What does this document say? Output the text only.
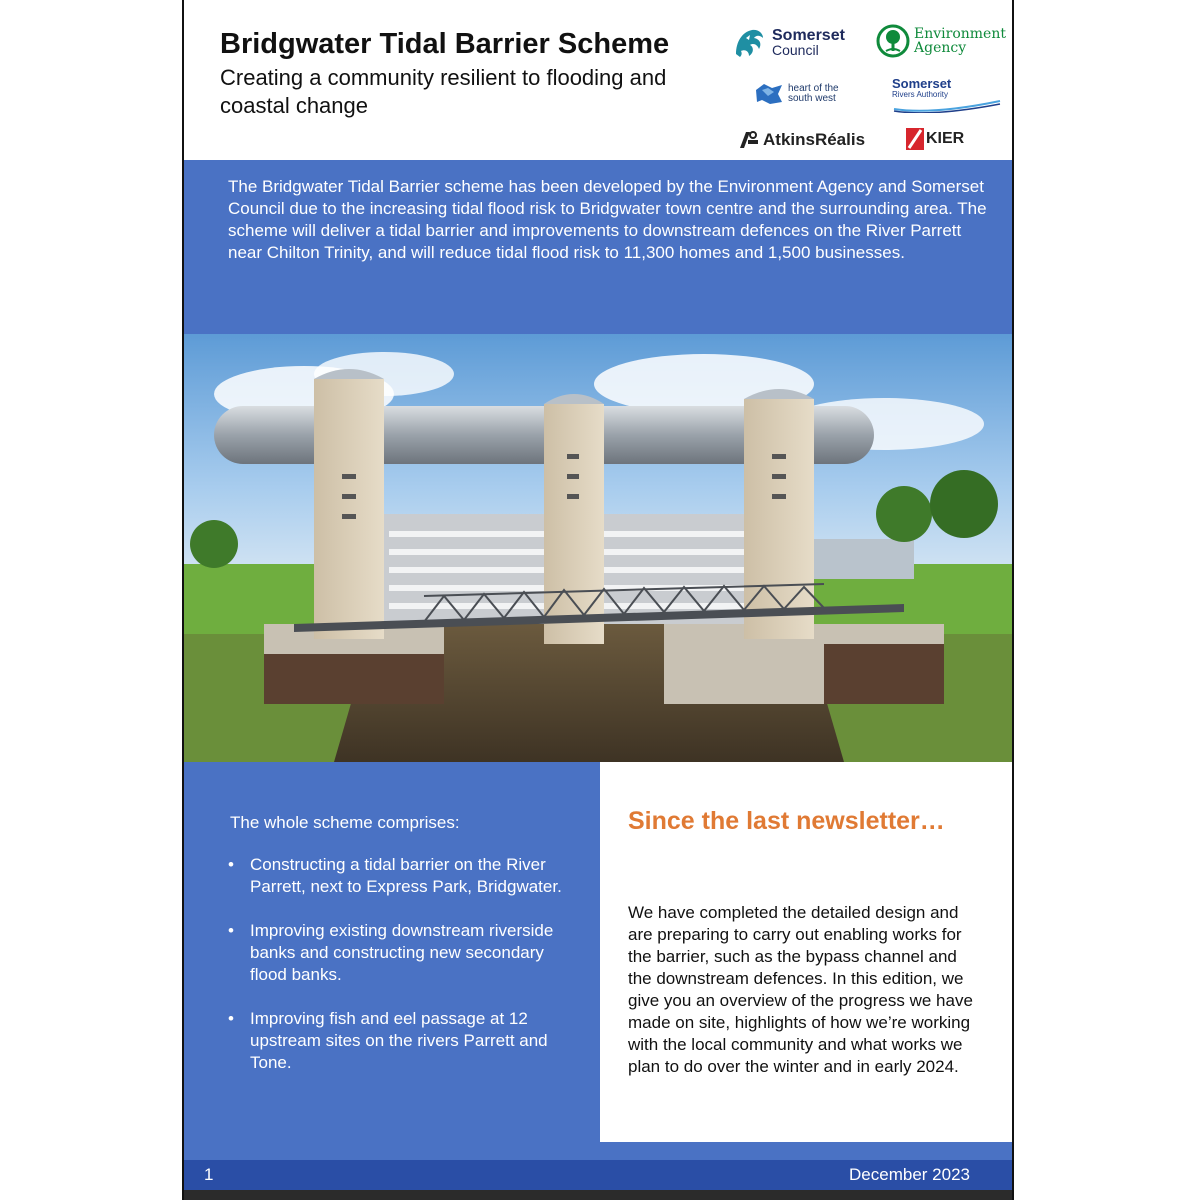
Bridgwater Tidal Barrier Scheme

Creating a community resilient to flooding and coastal change

Somerset
Council
Environment
Agency
heart of the
south west
Somerset
Rivers Authority
AtkinsRéalis	KIER

The Bridgwater Tidal Barrier scheme has been developed by the Environment Agency and Somerset Council due to the increasing tidal flood risk to Bridgwater town centre and the surrounding area. The scheme will deliver a tidal barrier and improvements to downstream defences on the River Parrett near Chilton Trinity, and will reduce tidal flood risk to 11,300 homes and 1,500 businesses.

The whole scheme comprises:

• Constructing a tidal barrier on the River Parrett, next to Express Park, Bridgwater.
• Improving existing downstream riverside banks and constructing new secondary flood banks.
• Improving fish and eel passage at 12 upstream sites on the rivers Parrett and Tone.
Since the last newsletter…

We have completed the detailed design and are preparing to carry out enabling works for the barrier, such as the bypass channel and the downstream defences. In this edition, we give you an overview of the progress we have made on site, highlights of how we’re working with the local community and what works we plan to do over the winter and in early 2024.

1	December 2023
